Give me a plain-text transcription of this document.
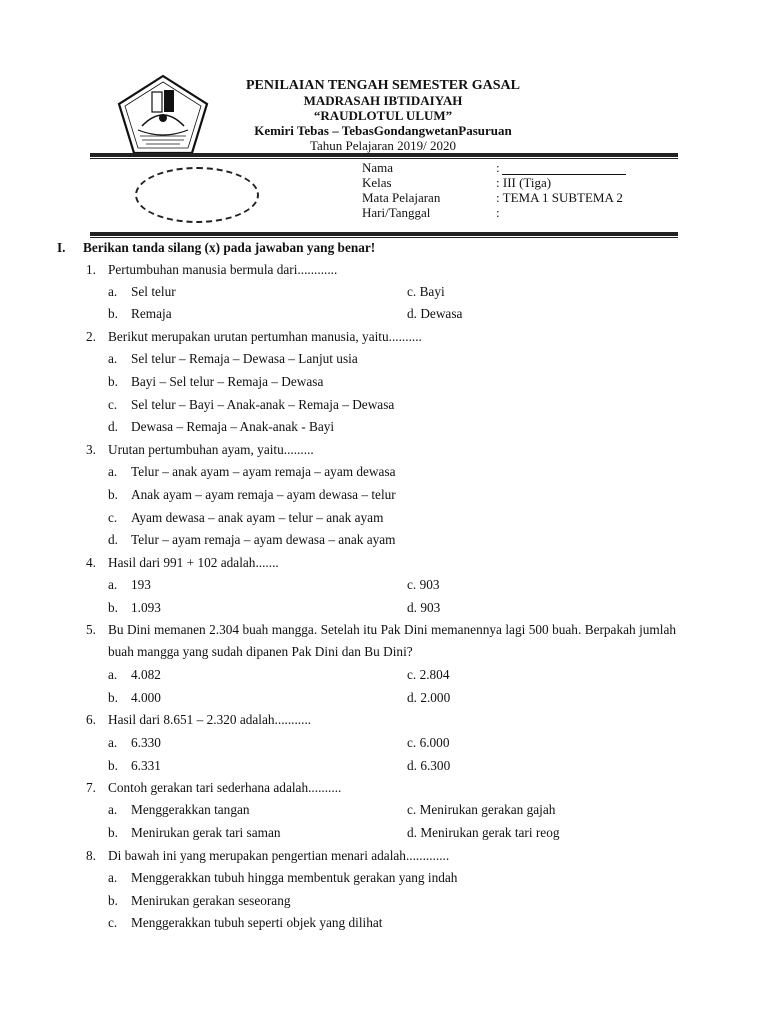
PENILAIAN TENGAH SEMESTER GASAL
MADRASAH IBTIDAIYAH
“RAUDLOTUL ULUM”
Kemiri Tebas – TebasGondangwetanPasuruan
Tahun Pelajaran 2019/ 2020
Nama	:
Kelas	: III (Tiga)
Mata Pelajaran	: TEMA 1 SUBTEMA 2
Hari/Tanggal	:
I. Berikan tanda silang (x) pada jawaban yang benar!
1. Pertumbuhan manusia bermula dari............
a. Sel telur	c. Bayi
b. Remaja	d. Dewasa
2. Berikut merupakan urutan pertumhan manusia, yaitu..........
a. Sel telur – Remaja – Dewasa – Lanjut usia
b. Bayi – Sel telur – Remaja – Dewasa
c. Sel telur – Bayi – Anak-anak – Remaja – Dewasa
d. Dewasa – Remaja – Anak-anak - Bayi
3. Urutan pertumbuhan ayam, yaitu.........
a. Telur – anak ayam – ayam remaja – ayam dewasa
b. Anak ayam – ayam remaja – ayam dewasa – telur
c. Ayam dewasa – anak ayam – telur – anak ayam
d. Telur – ayam remaja – ayam dewasa – anak ayam
4. Hasil dari 991 + 102 adalah.......
a. 193	c. 903
b. 1.093	d. 903
5. Bu Dini memanen 2.304 buah mangga. Setelah itu Pak Dini memanennya lagi 500 buah. Berpakah jumlah buah mangga yang sudah dipanen Pak Dini dan Bu Dini?
a. 4.082	c. 2.804
b. 4.000	d. 2.000
6. Hasil dari 8.651 – 2.320 adalah...........
a. 6.330	c. 6.000
b. 6.331	d. 6.300
7. Contoh gerakan tari sederhana adalah..........
a. Menggerakkan tangan	c. Menirukan gerakan gajah
b. Menirukan gerak tari saman	d. Menirukan gerak tari reog
8. Di bawah ini yang merupakan pengertian menari adalah.............
a. Menggerakkan tubuh hingga membentuk gerakan yang indah
b. Menirukan gerakan seseorang
c. Menggerakkan tubuh seperti objek yang dilihat
